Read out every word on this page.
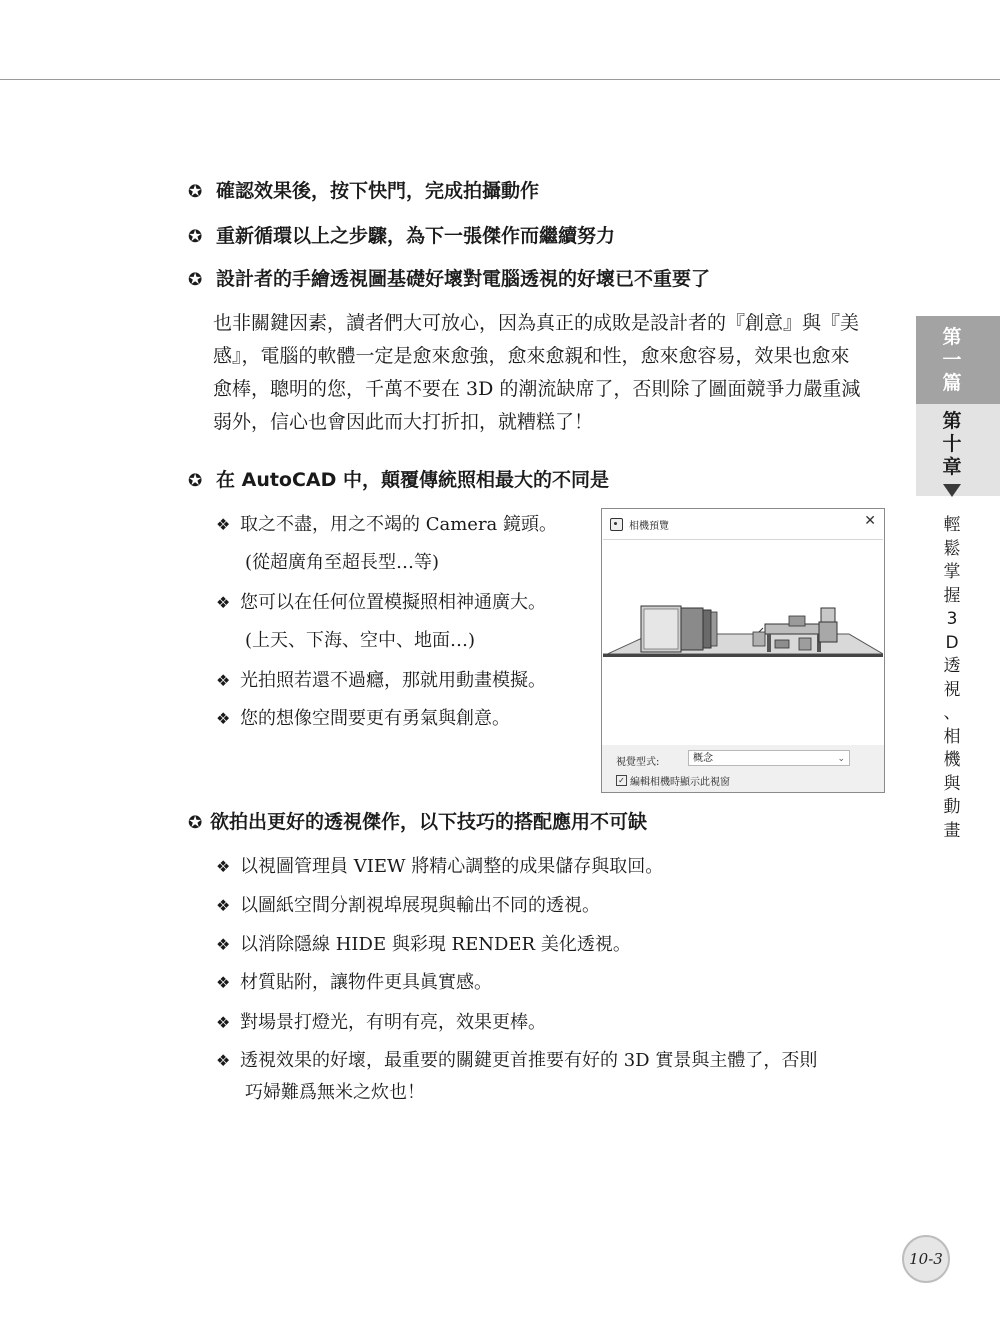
✪ 確認效果後，按下快門，完成拍攝動作
✪ 重新循環以上之步驟，為下一張傑作而繼續努力
✪ 設計者的手繪透視圖基礎好壞對電腦透視的好壞已不重要了
也非關鍵因素，讀者們大可放心，因為真正的成敗是設計者的『創意』與『美
感』，電腦的軟體一定是愈來愈強，愈來愈親和性，愈來愈容易，效果也愈來
愈棒，聰明的您，千萬不要在 3D 的潮流缺席了，否則除了圖面競爭力嚴重減
弱外，信心也會因此而大打折扣，就糟糕了！
✪ 在 AutoCAD 中，顛覆傳統照相最大的不同是
❖ 取之不盡，用之不竭的 Camera 鏡頭。
(從超廣角至超長型…等)
❖ 您可以在任何位置模擬照相神通廣大。
(上天、下海、空中、地面…)
❖ 光拍照若還不過癮，那就用動畫模擬。
❖ 您的想像空間要更有勇氣與創意。
相機預覽	✕
視覺型式:	概念	⌄
✓ 編輯相機時顯示此視窗
✪ 欲拍出更好的透視傑作，以下技巧的搭配應用不可缺
❖ 以視圖管理員 VIEW 將精心調整的成果儲存與取回。
❖ 以圖紙空間分割視埠展現與輸出不同的透視。
❖ 以消除隱線 HIDE 與彩現 RENDER 美化透視。
❖ 材質貼附，讓物件更具眞實感。
❖ 對場景打燈光，有明有亮，效果更棒。
❖ 透視效果的好壞，最重要的關鍵更首推要有好的 3D 實景與主體了，否則
巧婦難爲無米之炊也！
第
一
篇
第
十
章
輕
鬆
掌
握
3
D
透
視
、
相
機
與
動
畫
10-3
